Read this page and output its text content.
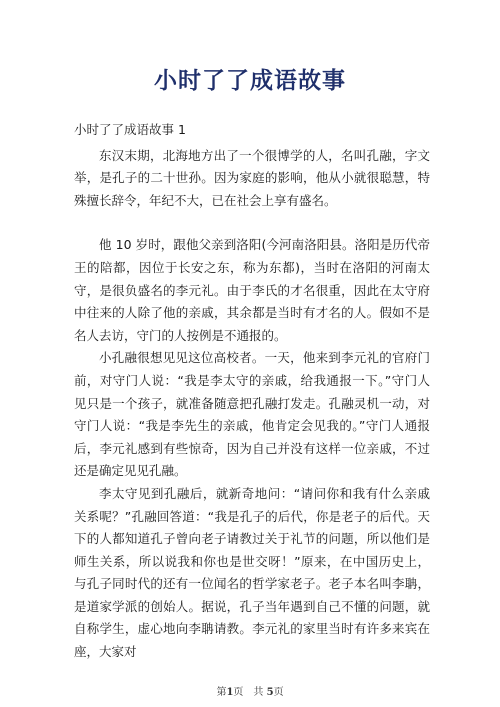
小时了了成语故事

小时了了成语故事 1

东汉末期，北海地方出了一个很博学的人，名叫孔融，字文举，是孔子的二十世孙。因为家庭的影响，他从小就很聪慧，特殊擅长辞令，年纪不大，已在社会上享有盛名。

他 10 岁时，跟他父亲到洛阳(今河南洛阳县。洛阳是历代帝王的陪都，因位于长安之东，称为东都)，当时在洛阳的河南太守，是很负盛名的李元礼。由于李氏的才名很重，因此在太守府中往来的人除了他的亲戚，其余都是当时有才名的人。假如不是名人去访，守门的人按例是不通报的。

小孔融很想见见这位高校者。一天，他来到李元礼的官府门前，对守门人说：“我是李太守的亲戚，给我通报一下。”守门人见只是一个孩子，就准备随意把孔融打发走。孔融灵机一动，对守门人说：“我是李先生的亲戚，他肯定会见我的。”守门人通报后，李元礼感到有些惊奇，因为自己并没有这样一位亲戚，不过还是确定见见孔融。

李太守见到孔融后，就新奇地问：“请问你和我有什么亲戚关系呢？”孔融回答道：“我是孔子的后代，你是老子的后代。天下的人都知道孔子曾向老子请教过关于礼节的问题，所以他们是师生关系，所以说我和你也是世交呀！”原来，在中国历史上，与孔子同时代的还有一位闻名的哲学家老子。老子本名叫李聃，是道家学派的创始人。据说，孔子当年遇到自己不懂的问题，就自称学生，虚心地向李聃请教。李元礼的家里当时有许多来宾在座，大家对

第1页　共 5页
